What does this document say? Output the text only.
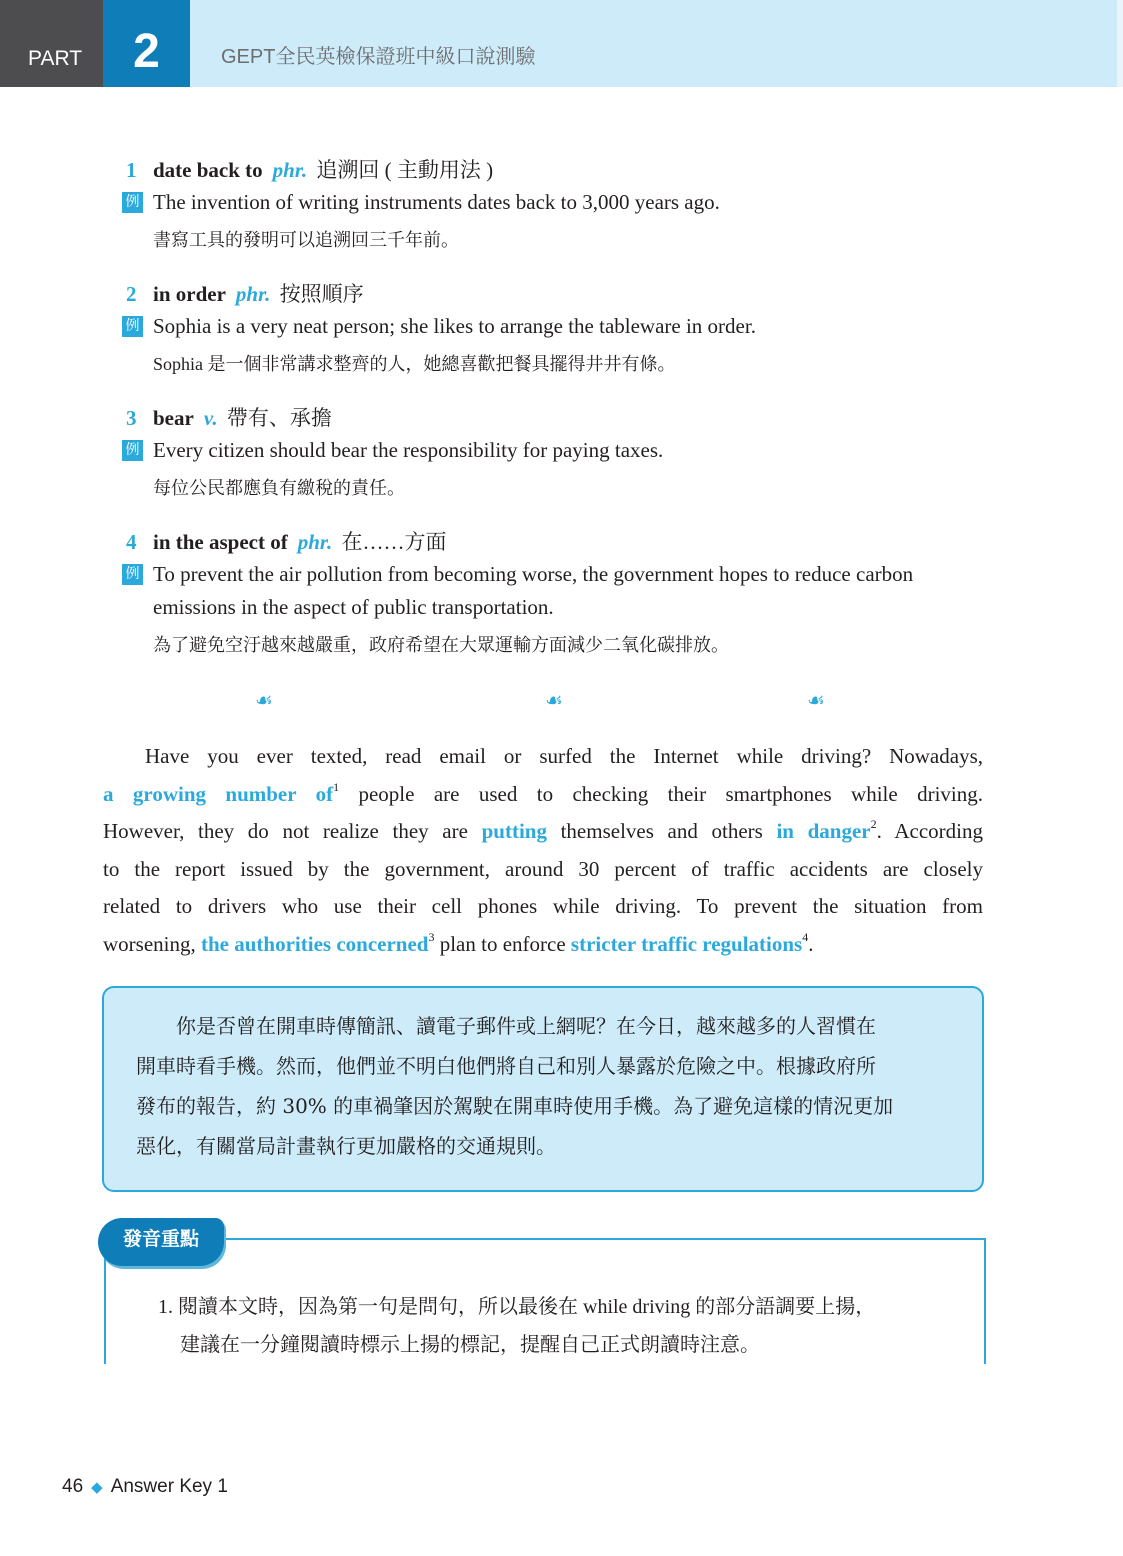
PART	2	GEPT全民英檢保證班中級口說測驗
1 date back to phr. 追溯回 ( 主動用法 )
例 The invention of writing instruments dates back to 3,000 years ago.
書寫工具的發明可以追溯回三千年前。
2 in order phr. 按照順序
例 Sophia is a very neat person; she likes to arrange the tableware in order.
Sophia 是一個非常講求整齊的人，她總喜歡把餐具擺得井井有條。
3 bear v. 帶有、承擔
例 Every citizen should bear the responsibility for paying taxes.
每位公民都應負有繳稅的責任。
4 in the aspect of phr. 在……方面
例 To prevent the air pollution from becoming worse, the government hopes to reduce carbon emissions in the aspect of public transportation.
為了避免空汙越來越嚴重，政府希望在大眾運輸方面減少二氧化碳排放。
☙	☙	☙
Have you ever texted, read email or surfed the Internet while driving? Nowadays,
a growing number $of^1$ people are used to checking their smartphones while driving.
However, they do not realize they are putting themselves and others in danger$^2$. According
to the report issued by the government, around 30 percent of traffic accidents are closely
related to drivers who use their cell phones while driving. To prevent the situation from
worsening, the authorities concerned$^3$ plan to enforce stricter traffic regulations$^4$.
你是否曾在開車時傳簡訊、讀電子郵件或上網呢？在今日，越來越多的人習慣在
開車時看手機。然而，他們並不明白他們將自己和別人暴露於危險之中。根據政府所
發布的報告，約 30% 的車禍肇因於駕駛在開車時使用手機。為了避免這樣的情況更加
惡化，有關當局計畫執行更加嚴格的交通規則。
發音重點
1. 閱讀本文時，因為第一句是問句，所以最後在 while driving 的部分語調要上揚，
建議在一分鐘閱讀時標示上揚的標記，提醒自己正式朗讀時注意。
46 ◆ Answer Key 1
